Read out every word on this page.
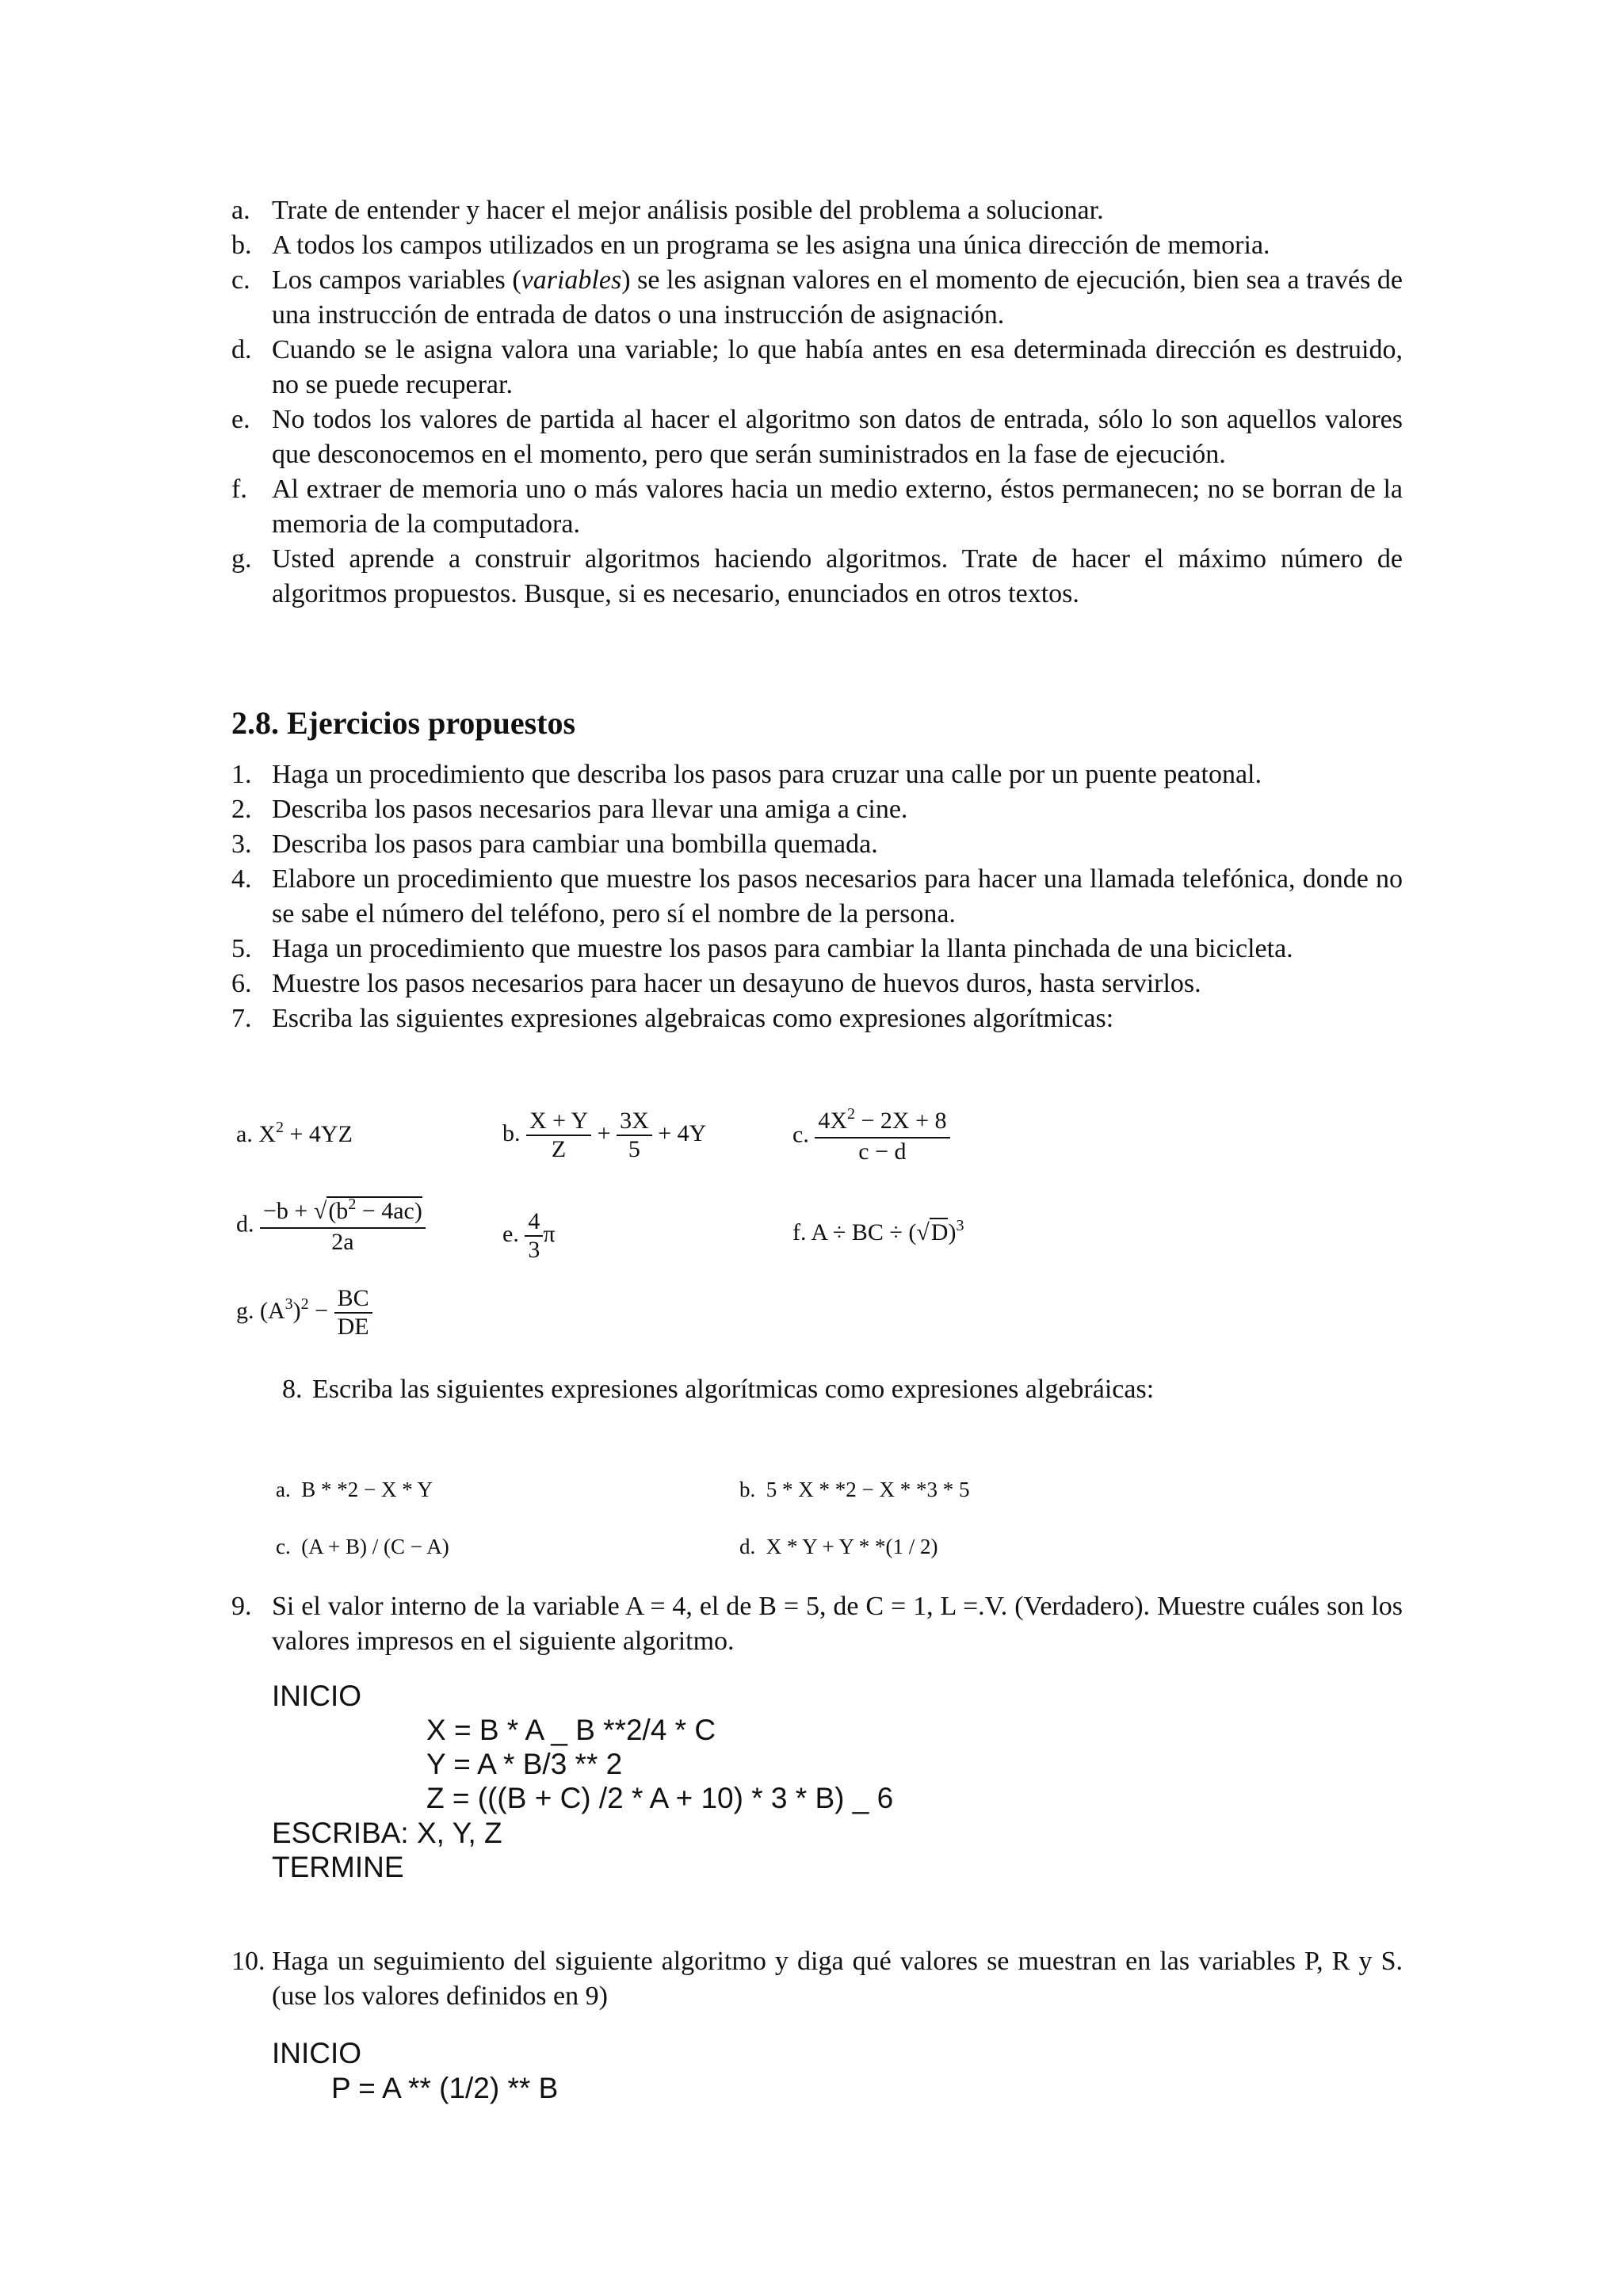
a. Trate de entender y hacer el mejor análisis posible del problema a solucionar.
b. A todos los campos utilizados en un programa se les asigna una única dirección de memoria.
c. Los campos variables (variables) se les asignan valores en el momento de ejecución, bien sea a través de una instrucción de entrada de datos o una instrucción de asignación.
d. Cuando se le asigna valora una variable; lo que había antes en esa determinada dirección es destruido, no se puede recuperar.
e. No todos los valores de partida al hacer el algoritmo son datos de entrada, sólo lo son aquellos valores que desconocemos en el momento, pero que serán suministrados en la fase de ejecución.
f. Al extraer de memoria uno o más valores hacia un medio externo, éstos permanecen; no se borran de la memoria de la computadora.
g. Usted aprende a construir algoritmos haciendo algoritmos. Trate de hacer el máximo número de algoritmos propuestos. Busque, si es necesario, enunciados en otros textos.
2.8. Ejercicios propuestos
1. Haga un procedimiento que describa los pasos para cruzar una calle por un puente peatonal.
2. Describa los pasos necesarios para llevar una amiga a cine.
3. Describa los pasos para cambiar una bombilla quemada.
4. Elabore un procedimiento que muestre los pasos necesarios para hacer una llamada telefónica, donde no se sabe el número del teléfono, pero sí el nombre de la persona.
5. Haga un procedimiento que muestre los pasos para cambiar la llanta pinchada de una bicicleta.
6. Muestre los pasos necesarios para hacer un desayuno de huevos duros, hasta servirlos.
7. Escriba las siguientes expresiones algebraicas como expresiones algorítmicas:
a. $X^2 + 4YZ$	b. $\frac{X + Y}{Z} + \frac{3X}{5} + 4Y$	c. $\frac{4X^2 - 2X + 8}{c - d}$
d. $\frac{-b + √(b^2 - 4ac)}{2a}$	e. $\frac{4}{3}$ π	f. A ÷ BC ÷ $(√D)^3$
g. $(A^3)^2 - \frac{BC}{DE}$
8. Escriba las siguientes expresiones algorítmicas como expresiones algebráicas:
a. B * *2 − X * Y	b. 5 * X * *2 − X * *3 * 5
c. (A + B) / (C − A)	d. X * Y + Y * *(1 / 2)
9. Si el valor interno de la variable A = 4, el de B = 5, de C = 1, L =.V. (Verdadero). Muestre cuáles son los valores impresos en el siguiente algoritmo.
INICIO
X = B * A _ B **2/4 * C
Y = A * B/3 ** 2
Z = (((B + C) /2 * A + 10) * 3 * B) _ 6
ESCRIBA: X, Y, Z
TERMINE
10. Haga un seguimiento del siguiente algoritmo y diga qué valores se muestran en las variables P, R y S. (use los valores definidos en 9)
INICIO
P = A ** (1/2) ** B
